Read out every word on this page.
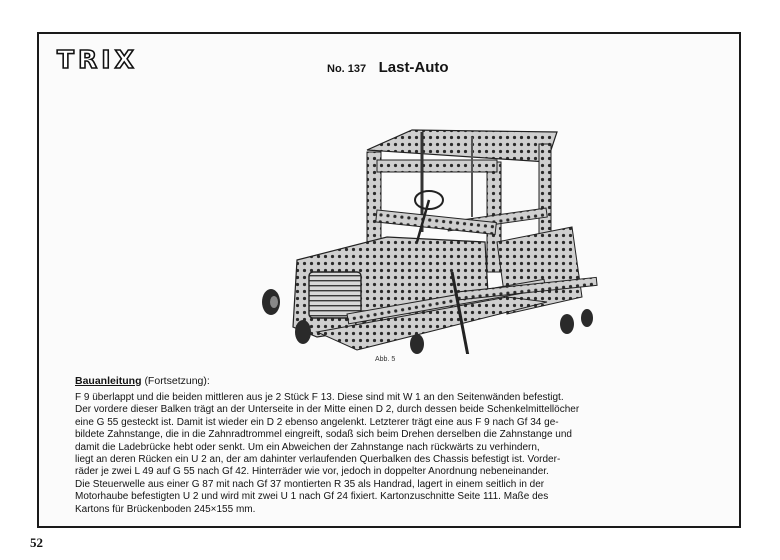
TRIX	No. 137 Last-Auto
Abb. 5
Bauanleitung (Fortsetzung):
F 9 überlappt und die beiden mittleren aus je 2 Stück F 13. Diese sind mit W 1 an den Seitenwänden befestigt.
Der vordere dieser Balken trägt an der Unterseite in der Mitte einen D 2, durch dessen beide Schenkelmittellöcher
eine G 55 gesteckt ist. Damit ist wieder ein D 2 ebenso angelenkt. Letzterer trägt eine aus F 9 nach Gf 34 ge-
bildete Zahnstange, die in die Zahnradtrommel eingreift, sodaß sich beim Drehen derselben die Zahnstange und
damit die Ladebrücke hebt oder senkt. Um ein Abweichen der Zahnstange nach rückwärts zu verhindern,
liegt an deren Rücken ein U 2 an, der am dahinter verlaufenden Querbalken des Chassis befestigt ist. Vorder-
räder je zwei L 49 auf G 55 nach Gf 42. Hinterräder wie vor, jedoch in doppelter Anordnung nebeneinander.
Die Steuerwelle aus einer G 87 mit nach Gf 37 montierten R 35 als Handrad, lagert in einem seitlich in der
Motorhaube befestigten U 2 und wird mit zwei U 1 nach Gf 24 fixiert. Kartonzuschnitte Seite 111. Maße des
Kartons für Brückenboden 245×155 mm.
52
